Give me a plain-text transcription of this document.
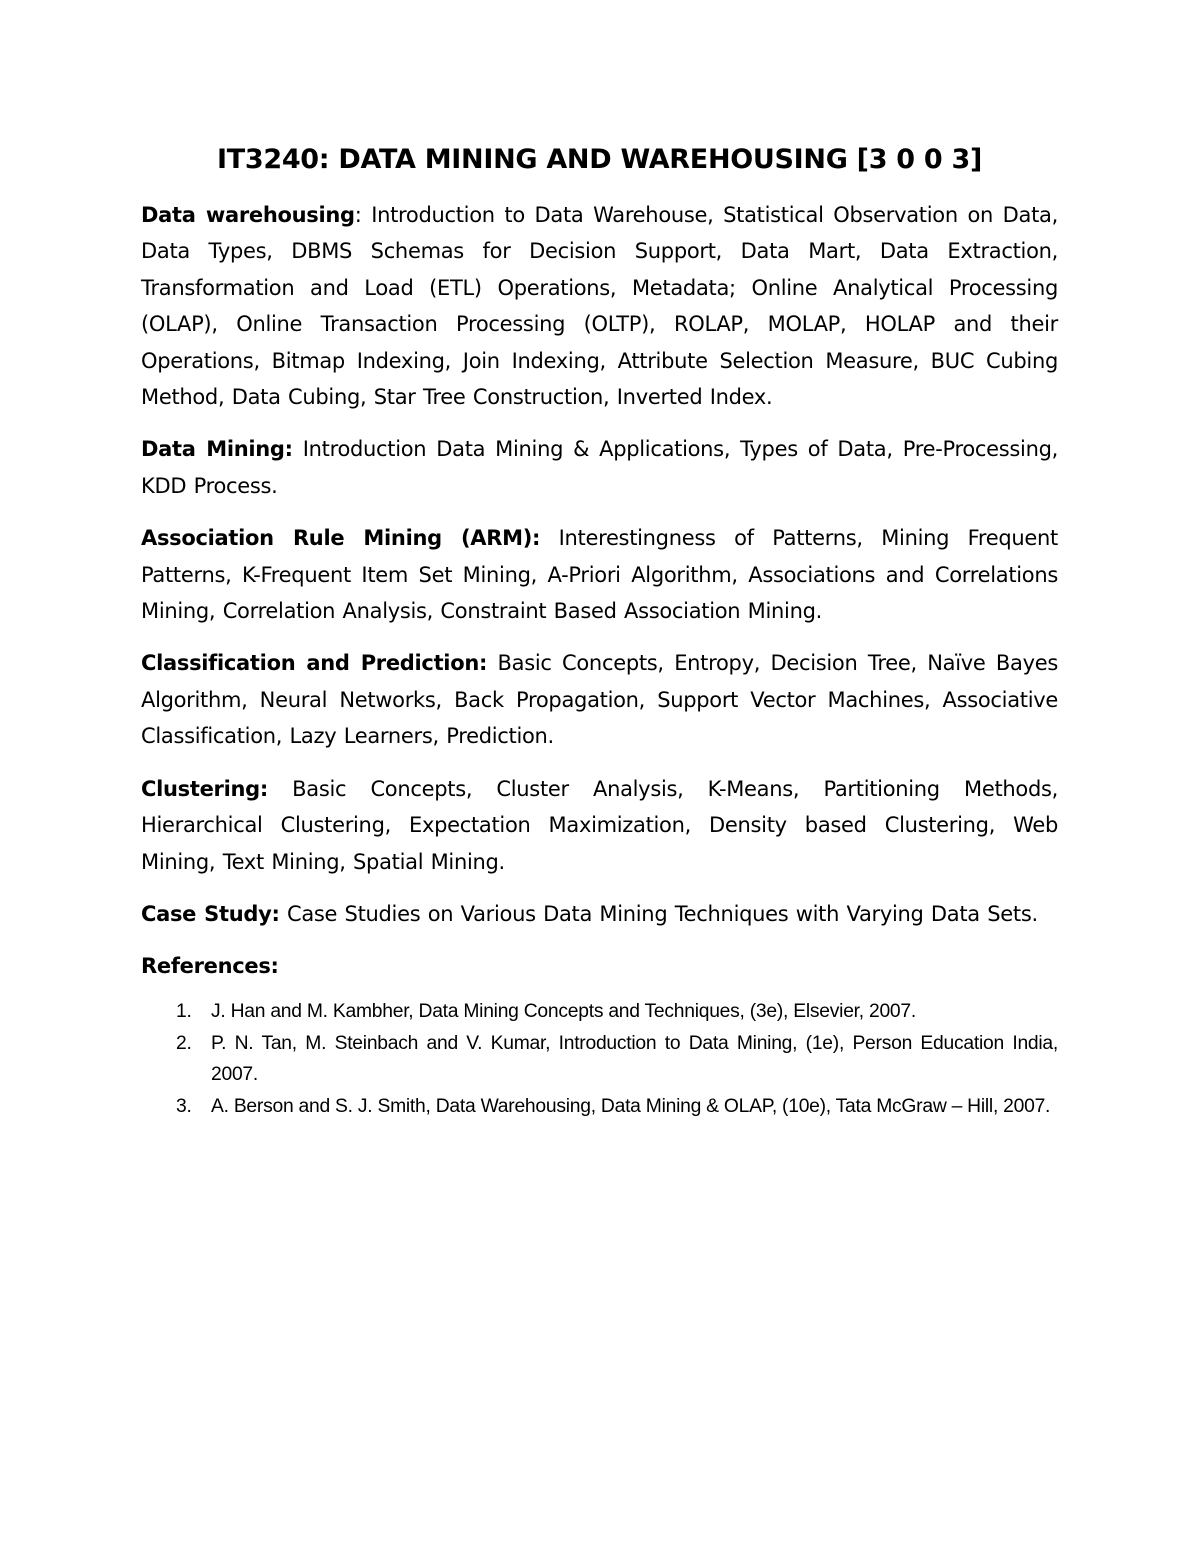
IT3240: DATA MINING AND WAREHOUSING [3 0 0 3]

Data warehousing: Introduction to Data Warehouse, Statistical Observation on Data, Data Types, DBMS Schemas for Decision Support, Data Mart, Data Extraction, Transformation and Load (ETL) Operations, Metadata; Online Analytical Processing (OLAP), Online Transaction Processing (OLTP), ROLAP, MOLAP, HOLAP and their Operations, Bitmap Indexing, Join Indexing, Attribute Selection Measure, BUC Cubing Method, Data Cubing, Star Tree Construction, Inverted Index.

Data Mining: Introduction Data Mining & Applications, Types of Data, Pre-Processing, KDD Process.

Association Rule Mining (ARM): Interestingness of Patterns, Mining Frequent Patterns, K-Frequent Item Set Mining, A-Priori Algorithm, Associations and Correlations Mining, Correlation Analysis, Constraint Based Association Mining.

Classification and Prediction: Basic Concepts, Entropy, Decision Tree, Naïve Bayes Algorithm, Neural Networks, Back Propagation, Support Vector Machines, Associative Classification, Lazy Learners, Prediction.

Clustering: Basic Concepts, Cluster Analysis, K-Means, Partitioning Methods, Hierarchical Clustering, Expectation Maximization, Density based Clustering, Web Mining, Text Mining, Spatial Mining.

Case Study: Case Studies on Various Data Mining Techniques with Varying Data Sets.

References:
1. J. Han and M. Kambher, Data Mining Concepts and Techniques, (3e), Elsevier, 2007.
2. P. N. Tan, M. Steinbach and V. Kumar, Introduction to Data Mining, (1e), Person Education India, 2007.
3. A. Berson and S. J. Smith, Data Warehousing, Data Mining & OLAP, (10e), Tata McGraw – Hill, 2007.
